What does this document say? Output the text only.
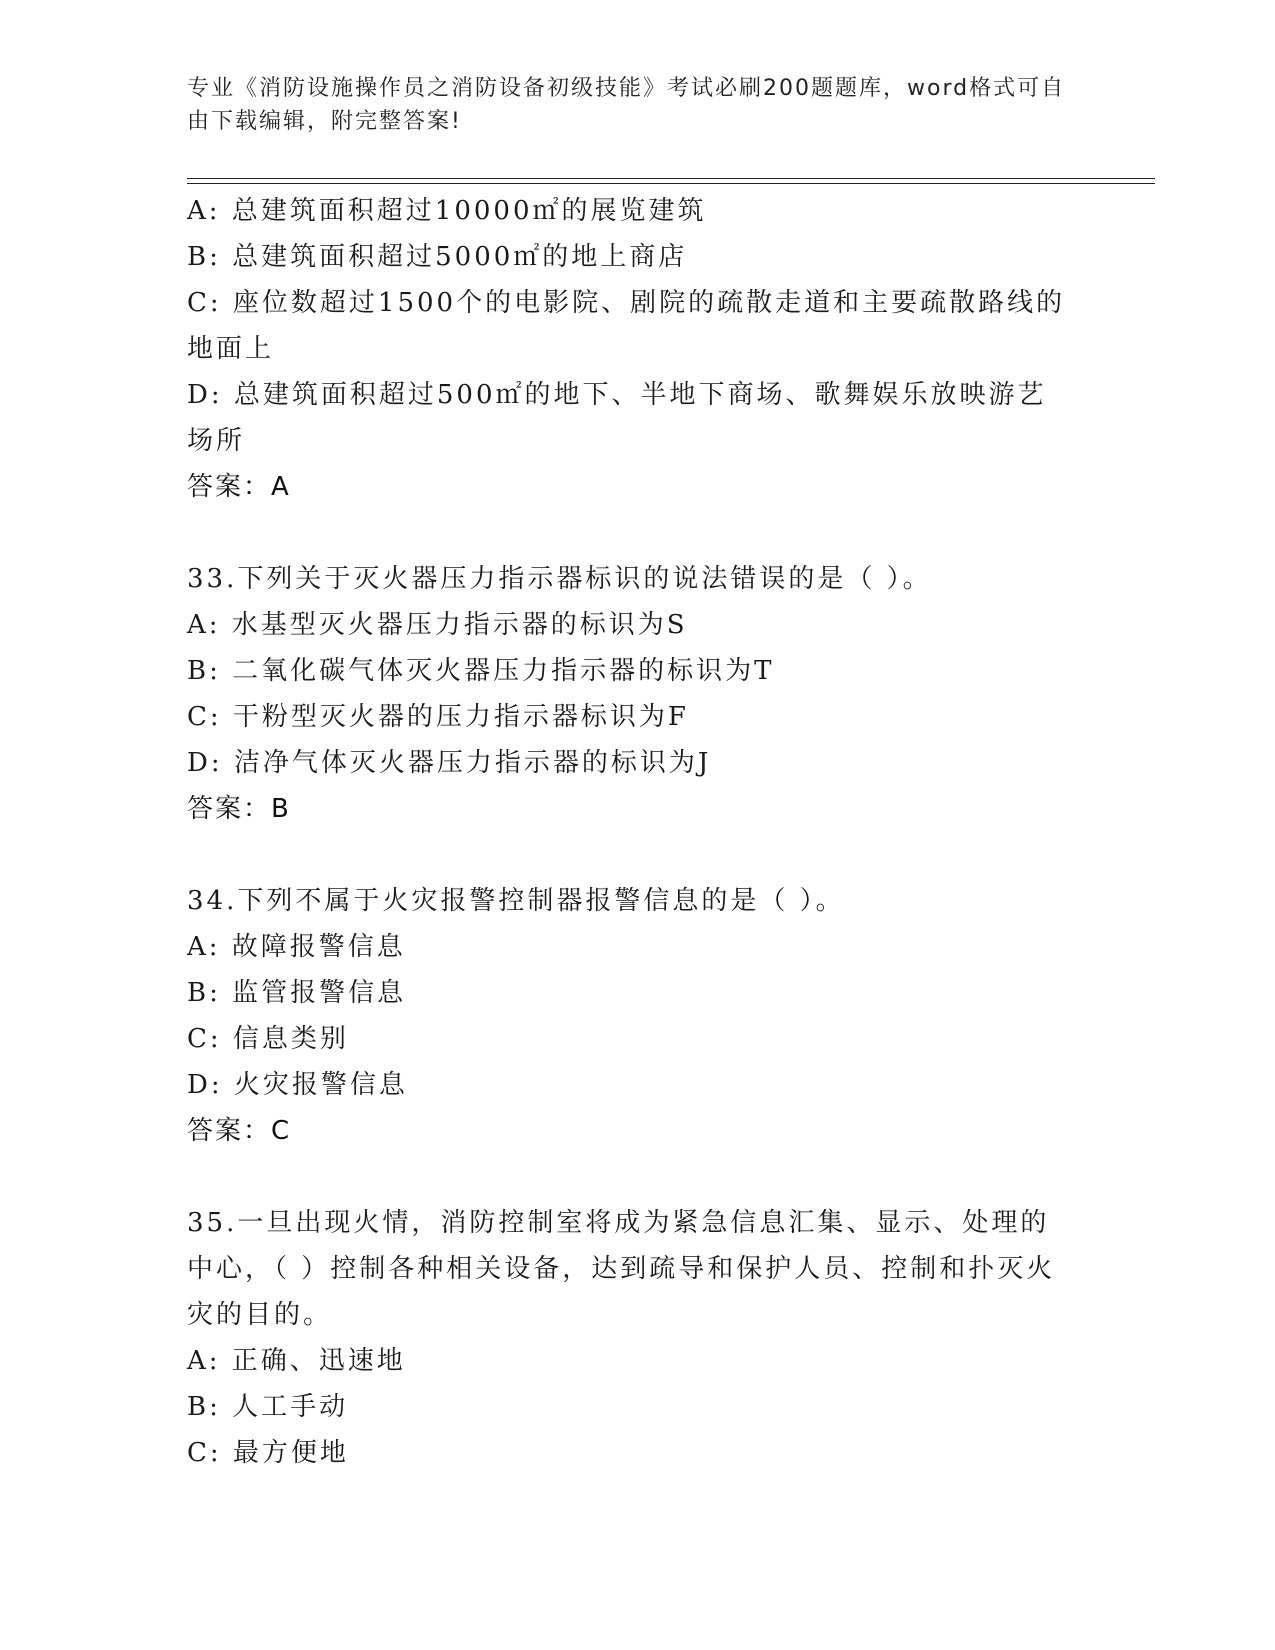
专业《消防设施操作员之消防设备初级技能》考试必刷200题题库，word格式可自由下载编辑，附完整答案!
A: 总建筑面积超过10000㎡的展览建筑
B: 总建筑面积超过5000㎡的地上商店
C: 座位数超过1500个的电影院、剧院的疏散走道和主要疏散路线的地面上
D: 总建筑面积超过500㎡的地下、半地下商场、歌舞娱乐放映游艺场所
答案：A
33.下列关于灭火器压力指示器标识的说法错误的是（ ）。
A: 水基型灭火器压力指示器的标识为S
B: 二氧化碳气体灭火器压力指示器的标识为T
C: 干粉型灭火器的压力指示器标识为F
D: 洁净气体灭火器压力指示器的标识为J
答案：B
34.下列不属于火灾报警控制器报警信息的是（ ）。
A: 故障报警信息
B: 监管报警信息
C: 信息类别
D: 火灾报警信息
答案：C
35.一旦出现火情，消防控制室将成为紧急信息汇集、显示、处理的中心，（ ）控制各种相关设备，达到疏导和保护人员、控制和扑灭火灾的目的。
A: 正确、迅速地
B: 人工手动
C: 最方便地
